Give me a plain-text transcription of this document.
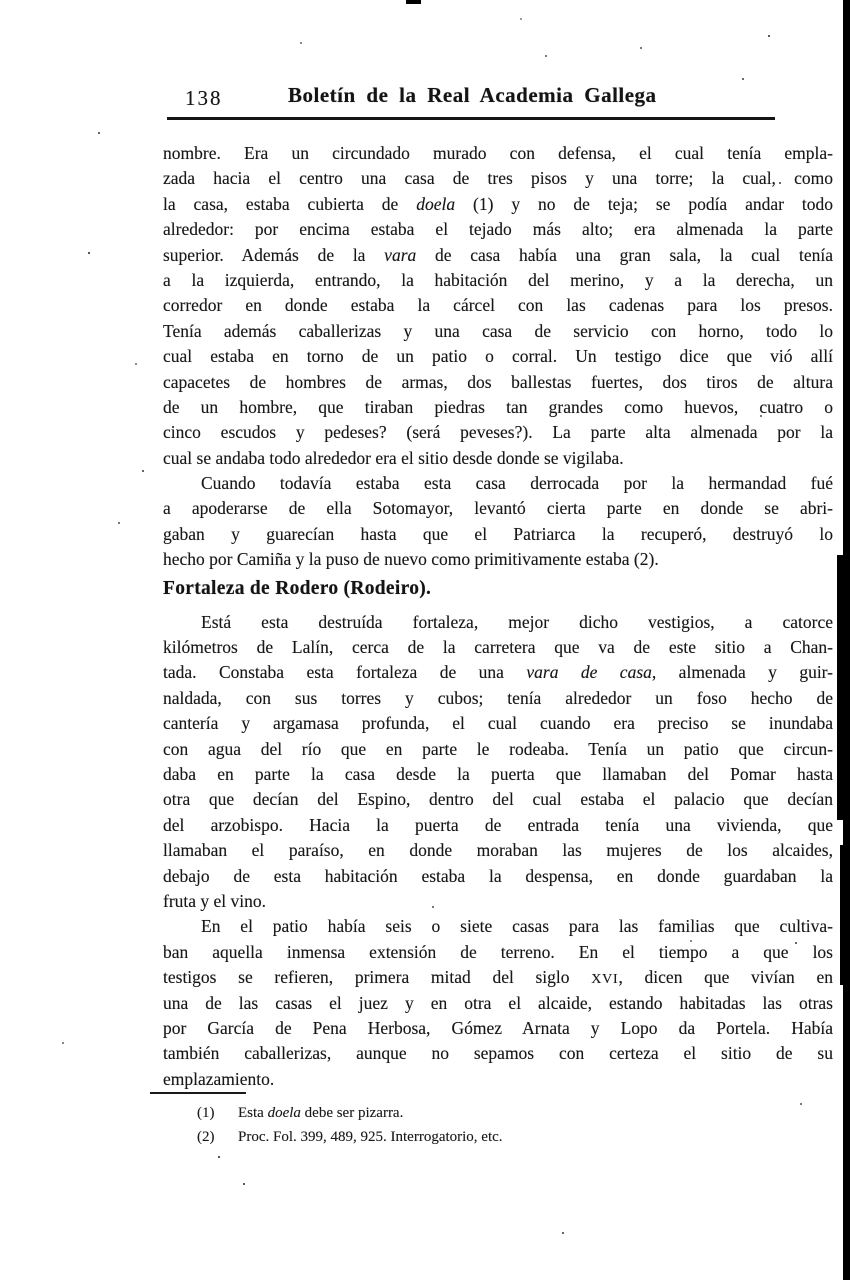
138	Boletín de la Real Academia Gallega
nombre. Era un circundado murado con defensa, el cual tenía empla-
zada hacia el centro una casa de tres pisos y una torre; la cual, como
la casa, estaba cubierta de doela (1) y no de teja; se podía andar todo
alrededor: por encima estaba el tejado más alto; era almenada la parte
superior. Además de la vara de casa había una gran sala, la cual tenía
a la izquierda, entrando, la habitación del merino, y a la derecha, un
corredor en donde estaba la cárcel con las cadenas para los presos.
Tenía además caballerizas y una casa de servicio con horno, todo lo
cual estaba en torno de un patio o corral. Un testigo dice que vió allí
capacetes de hombres de armas, dos ballestas fuertes, dos tiros de altura
de un hombre, que tiraban piedras tan grandes como huevos, cuatro o
cinco escudos y pedeses? (será peveses?). La parte alta almenada por la
cual se andaba todo alrededor era el sitio desde donde se vigilaba.
Cuando todavía estaba esta casa derrocada por la hermandad fué
a apoderarse de ella Sotomayor, levantó cierta parte en donde se abri-
gaban y guarecían hasta que el Patriarca la recuperó, destruyó lo
hecho por Camiña y la puso de nuevo como primitivamente estaba (2).
Fortaleza de Rodero (Rodeiro).
Está esta destruída fortaleza, mejor dicho vestigios, a catorce
kilómetros de Lalín, cerca de la carretera que va de este sitio a Chan-
tada. Constaba esta fortaleza de una vara de casa, almenada y guir-
naldada, con sus torres y cubos; tenía alrededor un foso hecho de
cantería y argamasa profunda, el cual cuando era preciso se inundaba
con agua del río que en parte le rodeaba. Tenía un patio que circun-
daba en parte la casa desde la puerta que llamaban del Pomar hasta
otra que decían del Espino, dentro del cual estaba el palacio que decían
del arzobispo. Hacia la puerta de entrada tenía una vivienda, que
llamaban el paraíso, en donde moraban las mujeres de los alcaides,
debajo de esta habitación estaba la despensa, en donde guardaban la
fruta y el vino.
En el patio había seis o siete casas para las familias que cultiva-
ban aquella inmensa extensión de terreno. En el tiempo a que los
testigos se refieren, primera mitad del siglo XVI, dicen que vivían en
una de las casas el juez y en otra el alcaide, estando habitadas las otras
por García de Pena Herbosa, Gómez Arnata y Lopo da Portela. Había
también caballerizas, aunque no sepamos con certeza el sitio de su
emplazamiento.
(1)	Esta doela debe ser pizarra.
(2)	Proc. Fol. 399, 489, 925. Interrogatorio, etc.
